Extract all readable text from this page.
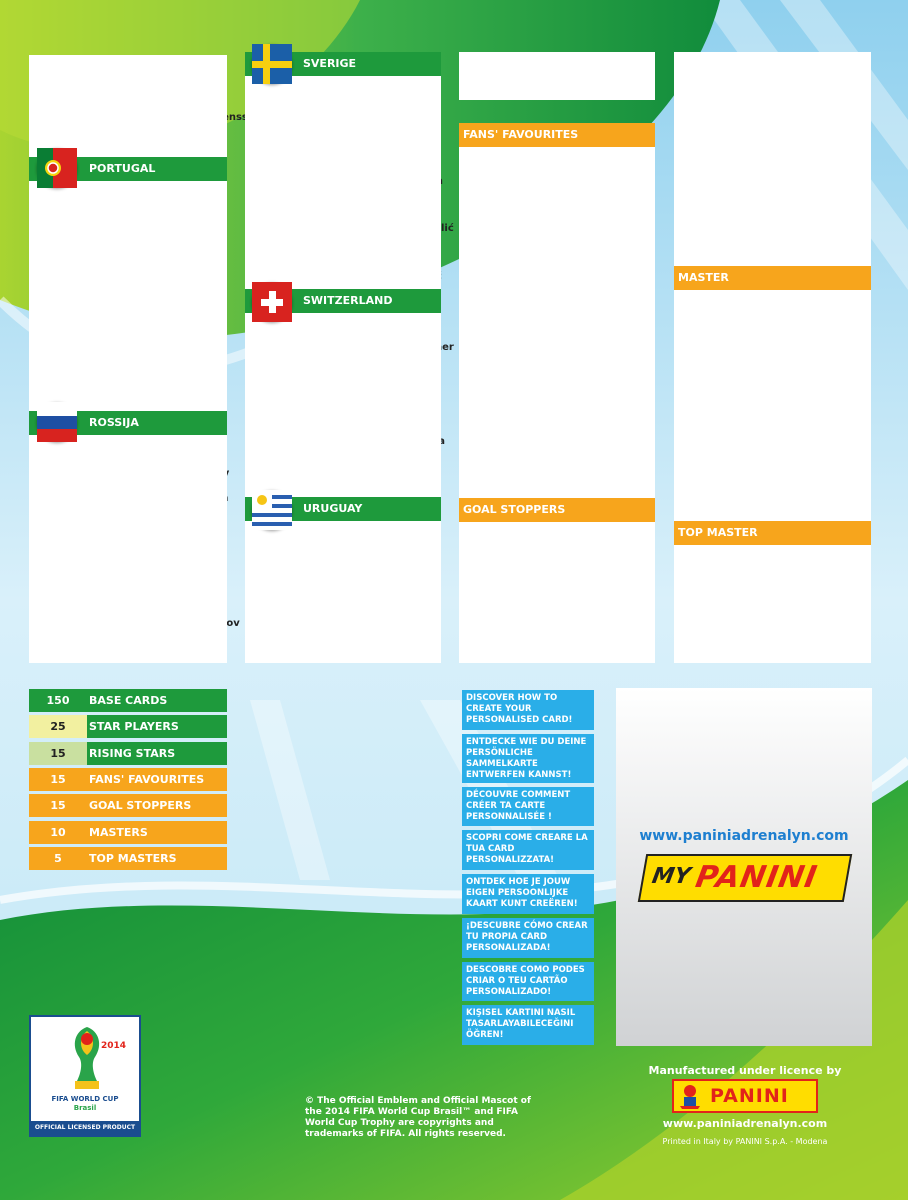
PORTUGAL
ROSSIJA
SVERIGE
SWITZERLAND
URUGUAY
FANS' FAVOURITES
GOAL STOPPERS
MASTER
TOP MASTER
150	BASE CARDS
25	STAR PLAYERS
15	RISING STARS
15	FANS' FAVOURITES
15	GOAL STOPPERS
10	MASTERS
5	TOP MASTERS
DISCOVER HOW TO CREATE YOUR PERSONALISED CARD!
ENTDECKE WIE DU DEINE PERSÖNLICHE SAMMELKARTE ENTWERFEN KANNST!
DÉCOUVRE COMMENT CRÉER TA CARTE PERSONNALISÉE !
SCOPRI COME CREARE LA TUA CARD PERSONALIZZATA!
ONTDEK HOE JE JOUW EIGEN PERSOONLIJKE KAART KUNT CREËREN!
¡DESCUBRE CÓMO CREAR TU PROPIA CARD PERSONALIZADA!
DESCOBRE COMO PODES CRIAR O TEU CARTÃO PERSONALIZADO!
KIŞISEL KARTINI NASIL TASARLAYABILECEĞINI ÖĞREN!
www.paniniadrenalyn.com
MY PANINI
2014
FIFA WORLD CUP
Brasil
OFFICIAL LICENSED PRODUCT
© The Official Emblem and Official Mascot of the 2014 FIFA World Cup Brasil™ and FIFA World Cup Trophy are copyrights and trademarks of FIFA. All rights reserved.
Manufactured under licence by
PANINI
www.paniniadrenalyn.com
Printed in Italy by PANINI S.p.A. - Modena
